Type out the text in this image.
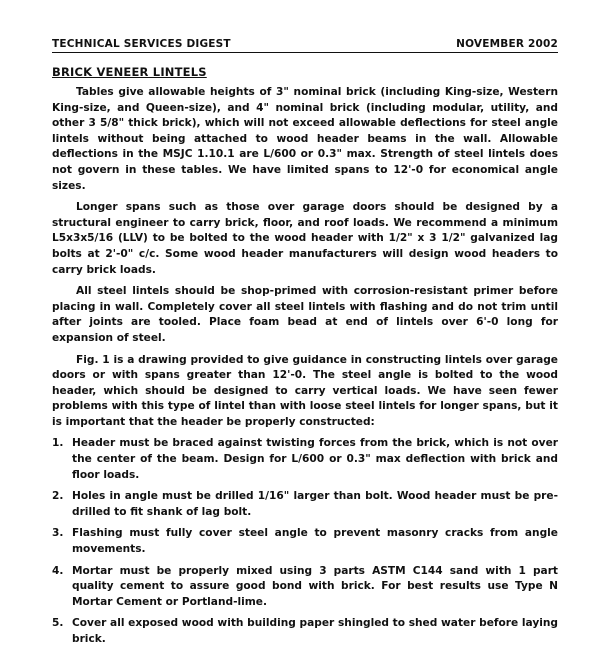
TECHNICAL SERVICES DIGEST	NOVEMBER 2002
BRICK VENEER LINTELS

Tables give allowable heights of 3" nominal brick (including King-size, Western King-size, and Queen-size), and 4" nominal brick (including modular, utility, and other 3 5/8" thick brick), which will not exceed allowable deflections for steel angle lintels without being attached to wood header beams in the wall. Allowable deflections in the MSJC 1.10.1 are L/600 or 0.3" max. Strength of steel lintels does not govern in these tables. We have limited spans to 12'-0 for economical angle sizes.

Longer spans such as those over garage doors should be designed by a structural engineer to carry brick, floor, and roof loads. We recommend a minimum L5x3x5/16 (LLV) to be bolted to the wood header with 1/2" x 3 1/2" galvanized lag bolts at 2'-0" c/c. Some wood header manufacturers will design wood headers to carry brick loads.

All steel lintels should be shop-primed with corrosion-resistant primer before placing in wall. Completely cover all steel lintels with flashing and do not trim until after joints are tooled. Place foam bead at end of lintels over 6'-0 long for expansion of steel.

Fig. 1 is a drawing provided to give guidance in constructing lintels over garage doors or with spans greater than 12'-0. The steel angle is bolted to the wood header, which should be designed to carry vertical loads. We have seen fewer problems with this type of lintel than with loose steel lintels for longer spans, but it is important that the header be properly constructed:

1. Header must be braced against twisting forces from the brick, which is not over the center of the beam. Design for L/600 or 0.3" max deflection with brick and floor loads.
2. Holes in angle must be drilled 1/16" larger than bolt. Wood header must be pre-drilled to fit shank of lag bolt.
3. Flashing must fully cover steel angle to prevent masonry cracks from angle movements.
4. Mortar must be properly mixed using 3 parts ASTM C144 sand with 1 part quality cement to assure good bond with brick. For best results use Type N Mortar Cement or Portland-lime.
5. Cover all exposed wood with building paper shingled to shed water before laying brick.
